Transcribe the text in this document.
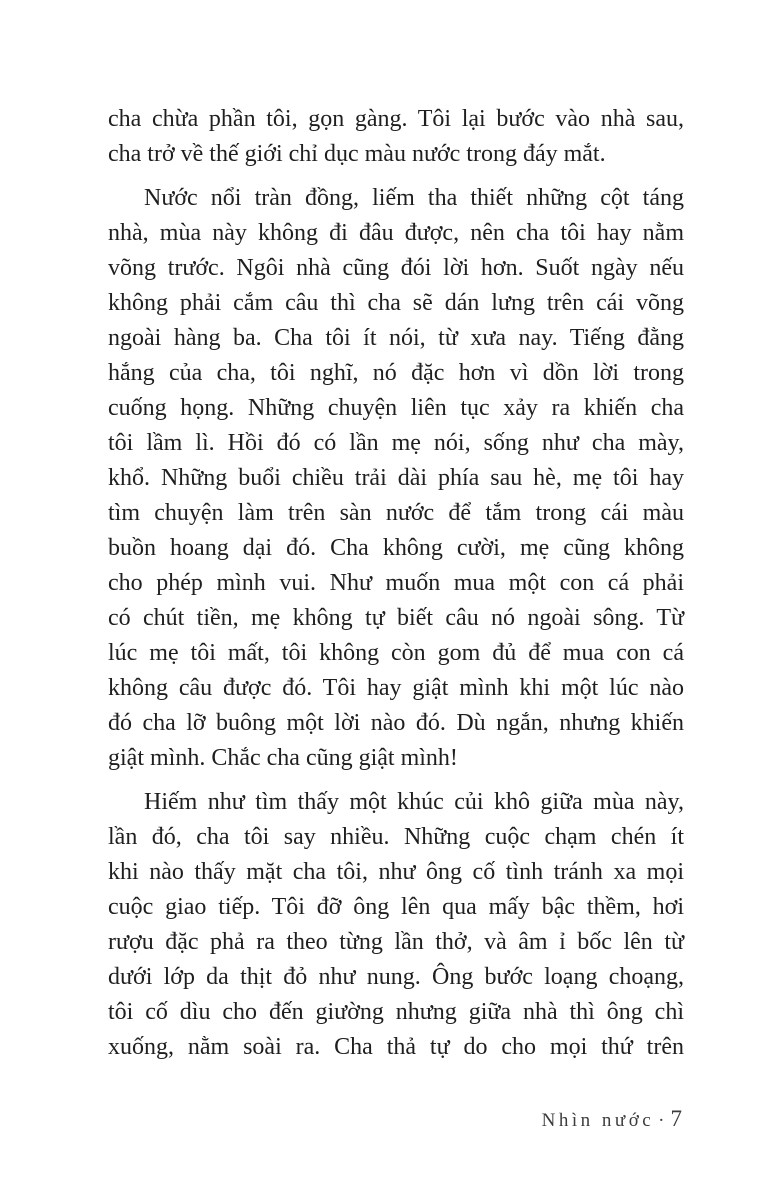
cha chừa phần tôi, gọn gàng. Tôi lại bước vào nhà sau,
cha trở về thế giới chỉ dục màu nước trong đáy mắt.
Nước nổi tràn đồng, liếm tha thiết những cột táng
nhà, mùa này không đi đâu được, nên cha tôi hay nằm
võng trước. Ngôi nhà cũng đói lời hơn. Suốt ngày nếu
không phải cắm câu thì cha sẽ dán lưng trên cái võng
ngoài hàng ba. Cha tôi ít nói, từ xưa nay. Tiếng đằng
hắng của cha, tôi nghĩ, nó đặc hơn vì dồn lời trong
cuống họng. Những chuyện liên tục xảy ra khiến cha
tôi lầm lì. Hồi đó có lần mẹ nói, sống như cha mày,
khổ. Những buổi chiều trải dài phía sau hè, mẹ tôi hay
tìm chuyện làm trên sàn nước để tắm trong cái màu
buồn hoang dại đó. Cha không cười, mẹ cũng không
cho phép mình vui. Như muốn mua một con cá phải
có chút tiền, mẹ không tự biết câu nó ngoài sông. Từ
lúc mẹ tôi mất, tôi không còn gom đủ để mua con cá
không câu được đó. Tôi hay giật mình khi một lúc nào
đó cha lỡ buông một lời nào đó. Dù ngắn, nhưng khiến
giật mình. Chắc cha cũng giật mình!
Hiếm như tìm thấy một khúc củi khô giữa mùa này,
lần đó, cha tôi say nhiều. Những cuộc chạm chén ít
khi nào thấy mặt cha tôi, như ông cố tình tránh xa mọi
cuộc giao tiếp. Tôi đỡ ông lên qua mấy bậc thềm, hơi
rượu đặc phả ra theo từng lần thở, và âm ỉ bốc lên từ
dưới lớp da thịt đỏ như nung. Ông bước loạng choạng,
tôi cố dìu cho đến giường nhưng giữa nhà thì ông chì
xuống, nằm soài ra. Cha thả tự do cho mọi thứ trên
Nhìn nước · 7
